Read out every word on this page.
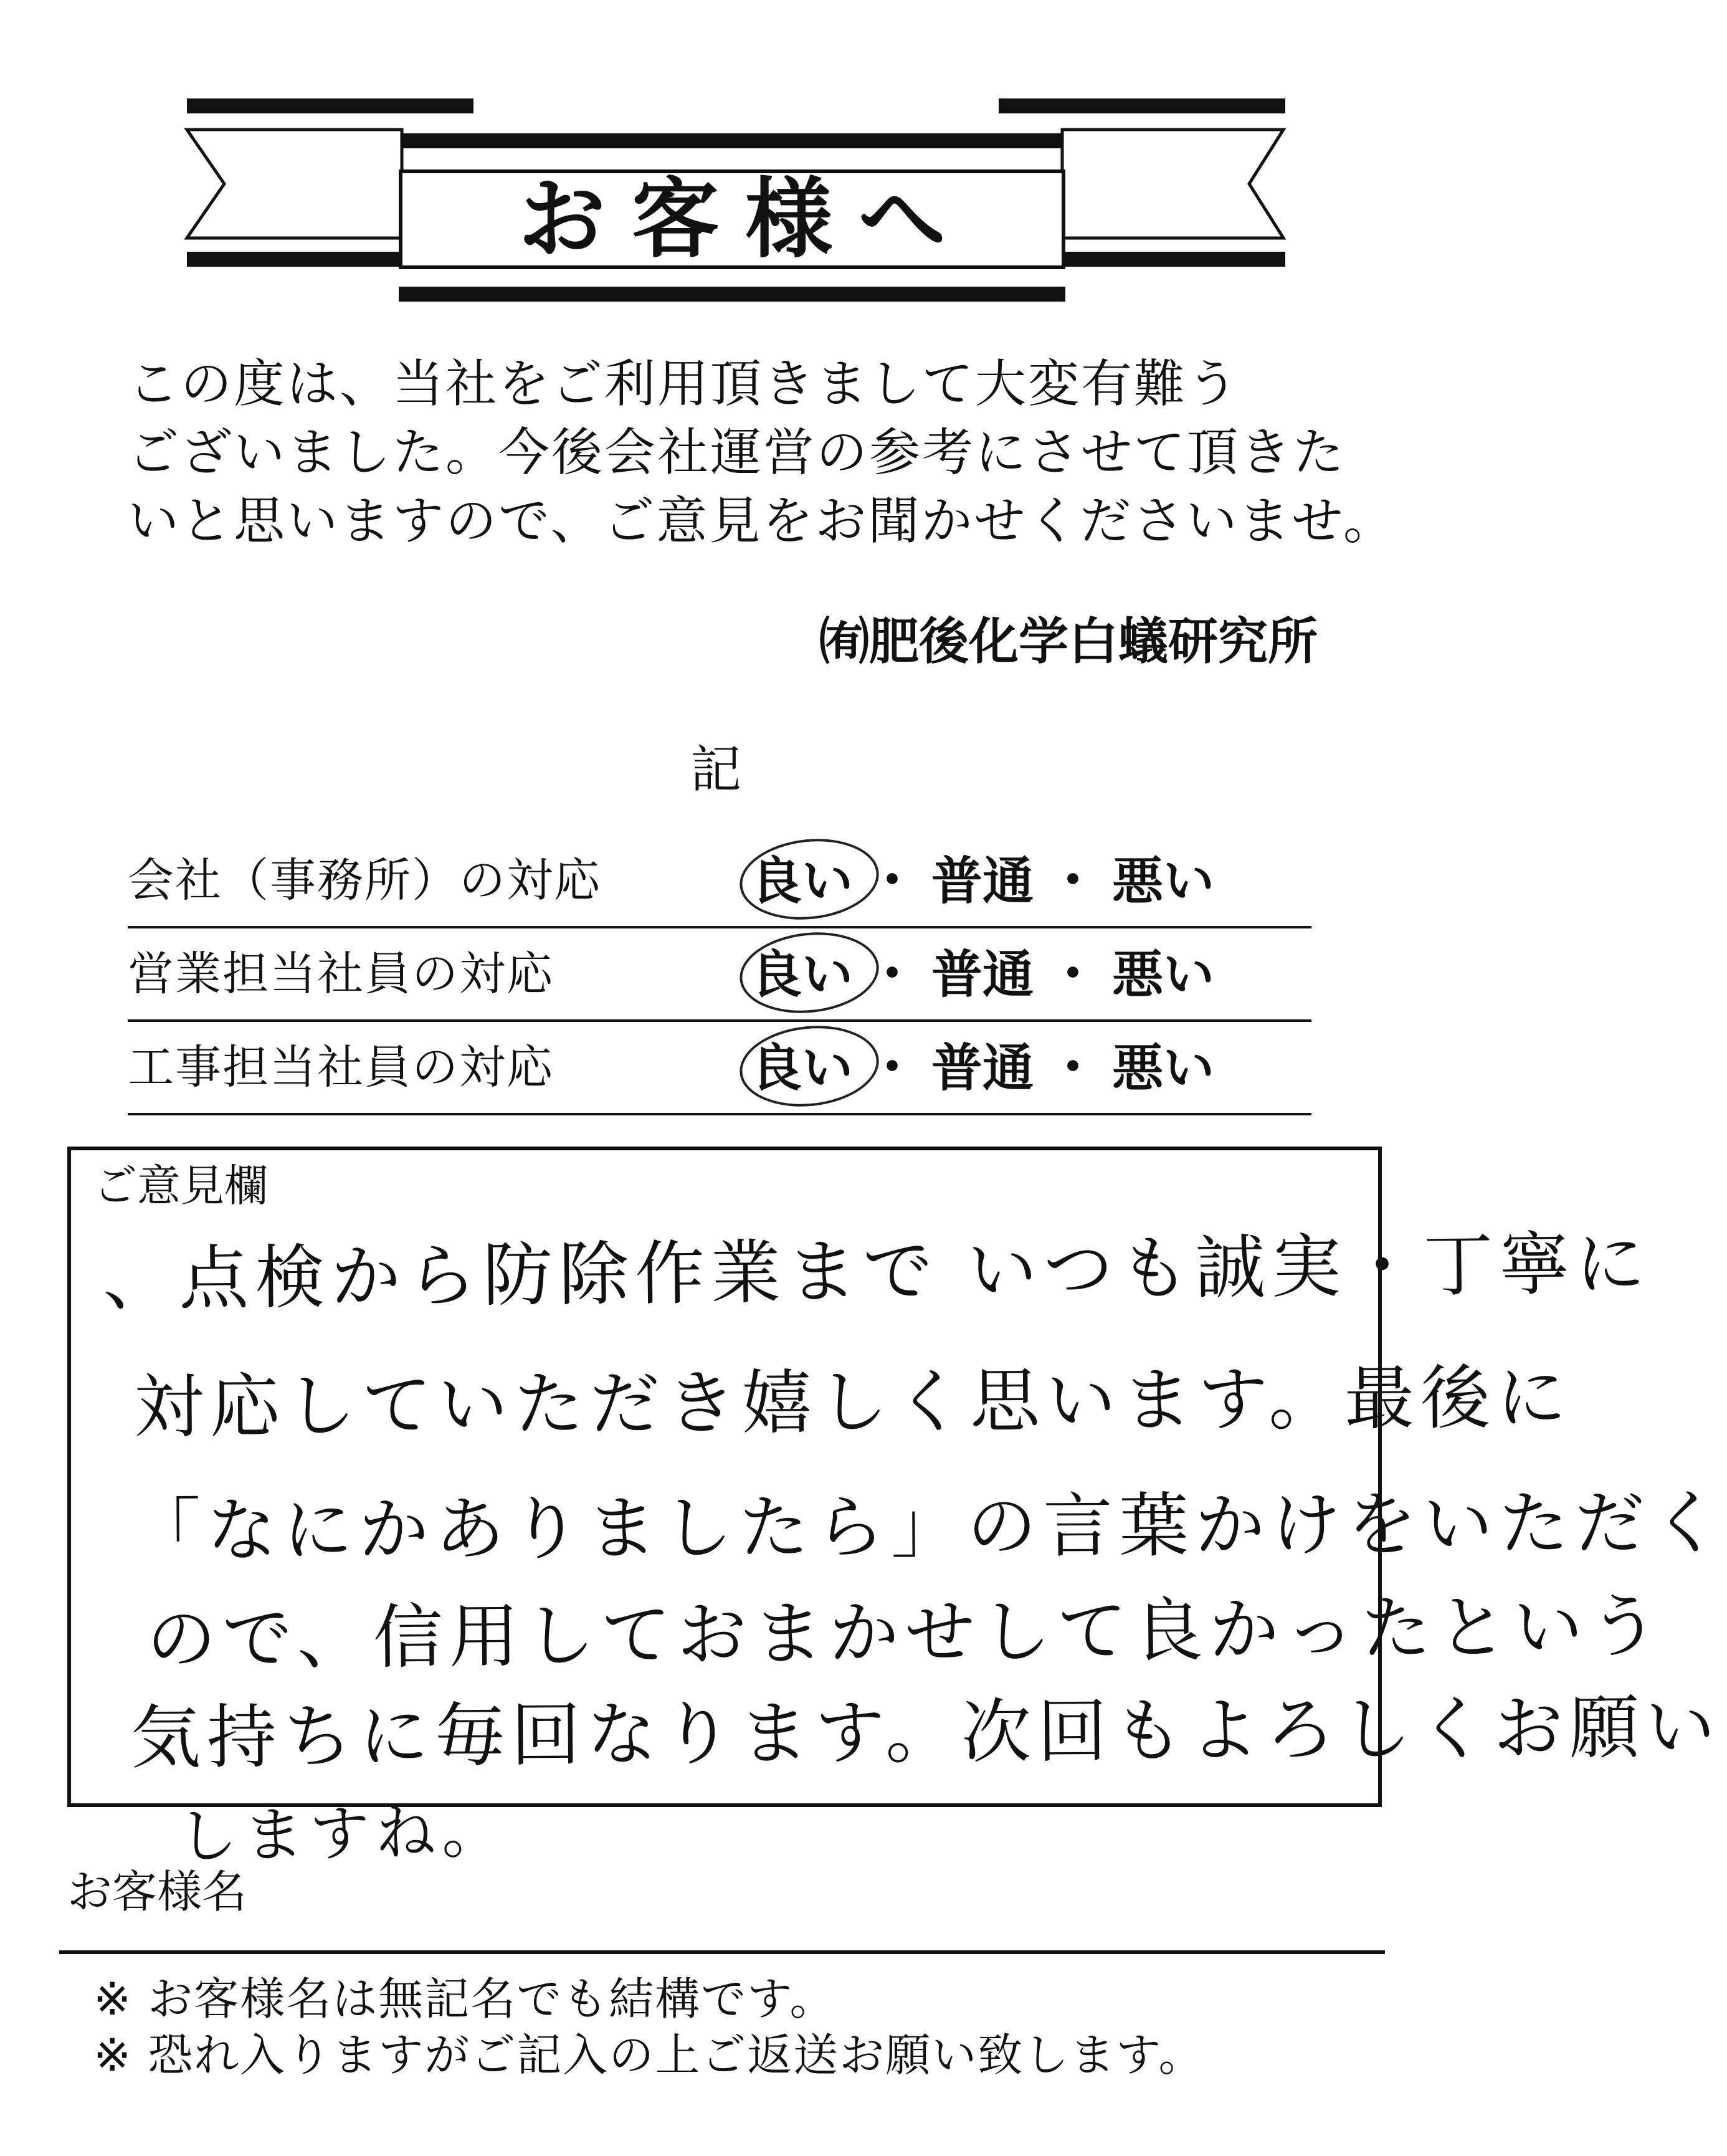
お客様へ
この度は、当社をご利用頂きまして大変有難う
ございました。今後会社運営の参考にさせて頂きた
いと思いますので、ご意見をお聞かせくださいませ。
㈲肥後化学白蟻研究所
記
会社（事務所）の対応	良い ・ 普通 ・ 悪い
営業担当社員の対応	良い ・ 普通 ・ 悪い
工事担当社員の対応	良い ・ 普通 ・ 悪い
ご意見欄
、点検から防除作業まで いつも誠実・丁寧に
対応していただき嬉しく思います。最後に
「なにかありましたら」の言葉かけをいただく
ので、信用しておまかせして良かったという
気持ちに毎回なります。次回もよろしくお願い
しますね。
お客様名
※ お客様名は無記名でも結構です。
※ 恐れ入りますがご記入の上ご返送お願い致します。
